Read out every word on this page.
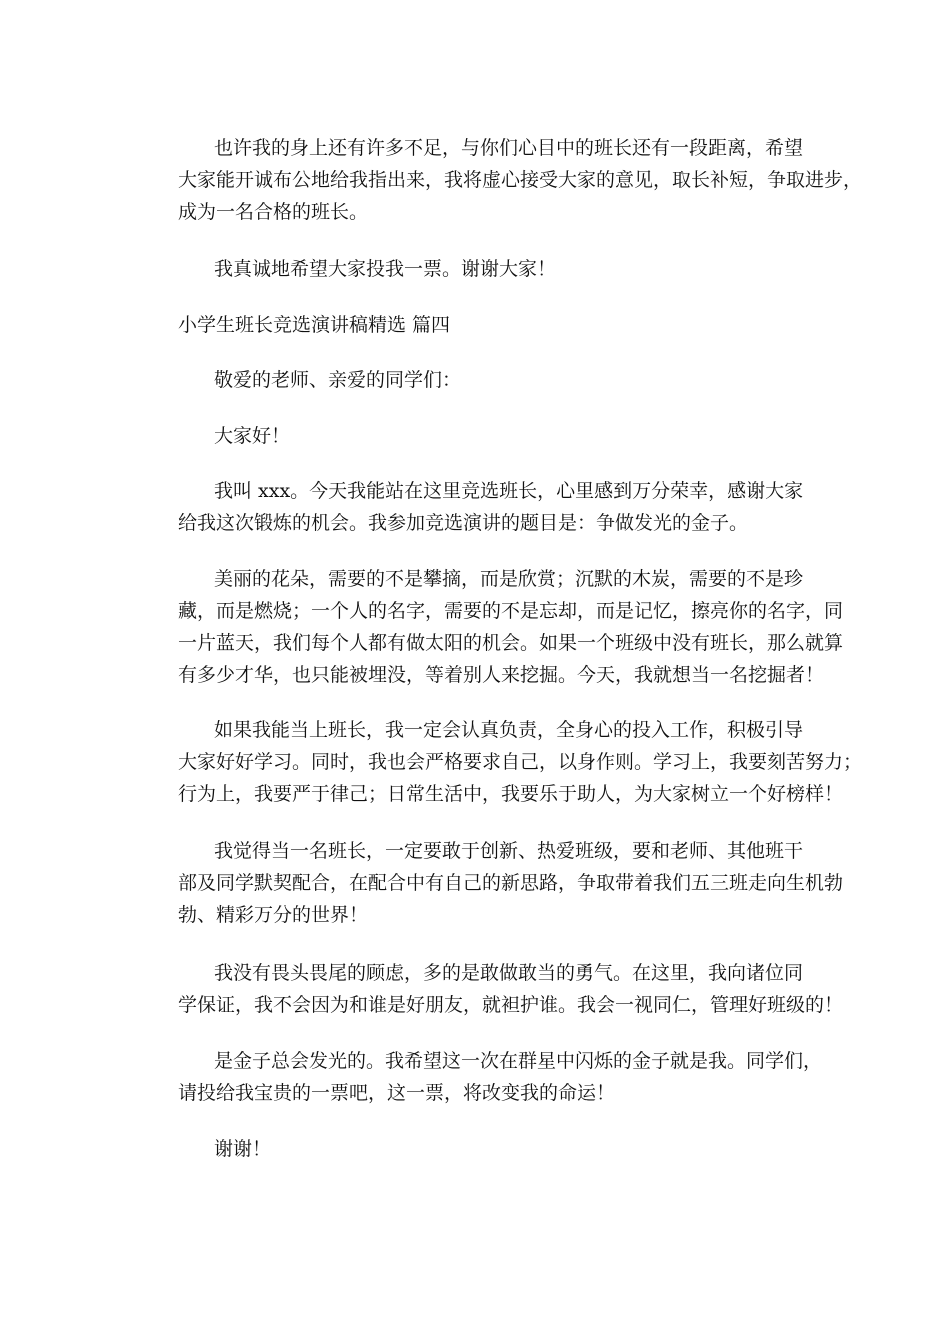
也许我的身上还有许多不足，与你们心目中的班长还有一段距离，希望
大家能开诚布公地给我指出来，我将虚心接受大家的意见，取长补短，争取进步，
成为一名合格的班长。

我真诚地希望大家投我一票。谢谢大家！

小学生班长竞选演讲稿精选 篇四

敬爱的老师、亲爱的同学们：

大家好！

我叫 xxx。今天我能站在这里竞选班长，心里感到万分荣幸，感谢大家
给我这次锻炼的机会。我参加竞选演讲的题目是：争做发光的金子。

美丽的花朵，需要的不是攀摘，而是欣赏；沉默的木炭，需要的不是珍
藏，而是燃烧；一个人的名字，需要的不是忘却，而是记忆，擦亮你的名字，同
一片蓝天，我们每个人都有做太阳的机会。如果一个班级中没有班长，那么就算
有多少才华，也只能被埋没，等着别人来挖掘。今天，我就想当一名挖掘者！

如果我能当上班长，我一定会认真负责，全身心的投入工作，积极引导
大家好好学习。同时，我也会严格要求自己，以身作则。学习上，我要刻苦努力；
行为上，我要严于律己；日常生活中，我要乐于助人，为大家树立一个好榜样！

我觉得当一名班长，一定要敢于创新、热爱班级，要和老师、其他班干
部及同学默契配合，在配合中有自己的新思路，争取带着我们五三班走向生机勃
勃、精彩万分的世界！

我没有畏头畏尾的顾虑，多的是敢做敢当的勇气。在这里，我向诸位同
学保证，我不会因为和谁是好朋友，就袒护谁。我会一视同仁，管理好班级的！

是金子总会发光的。我希望这一次在群星中闪烁的金子就是我。同学们，
请投给我宝贵的一票吧，这一票，将改变我的命运！

谢谢！
